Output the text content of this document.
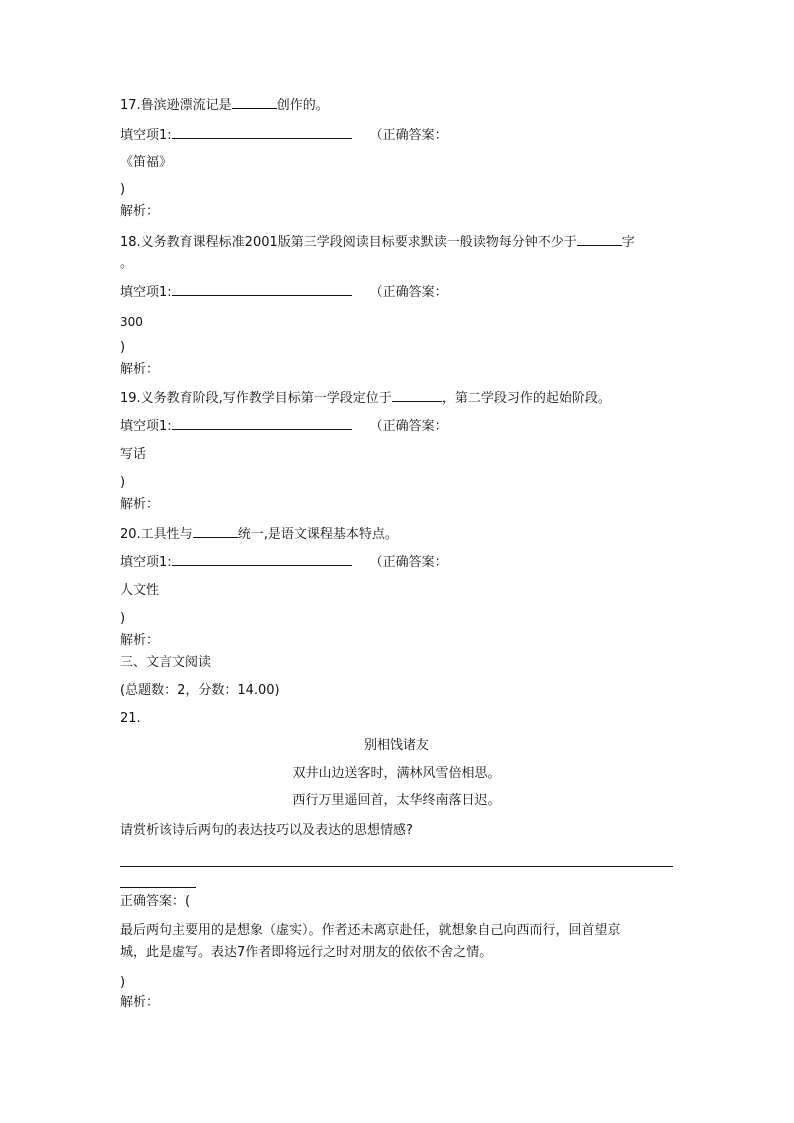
17.鲁滨逊漂流记是	创作的。
填空项1:	（正确答案：
《笛福》
)
解析：
18.义务教育课程标准2001版第三学段阅读目标要求默读一般读物每分钟不少于	字
。
填空项1:	（正确答案：
300
)
解析：
19.义务教育阶段,写作教学目标第一学段定位于	，第二学段习作的起始阶段。
填空项1:	（正确答案：
写话
)
解析：
20.工具性与	统一,是语文课程基本特点。
填空项1:	（正确答案：
人文性
)
解析：
三、文言文阅读
(总题数：2，分数：14.00)
21.
别相饯诸友
双井山边送客时，满林风雪倍相思。
西行万里遥回首，太华终南落日迟。
请赏析该诗后两句的表达技巧以及表达的思想情感?
正确答案：(
最后两句主要用的是想象（虚实）。作者还未离京赴任，就想象自己向西而行，回首望京
城，此是虚写。表达7作者即将远行之时对朋友的依依不舍之情。
)
解析：
